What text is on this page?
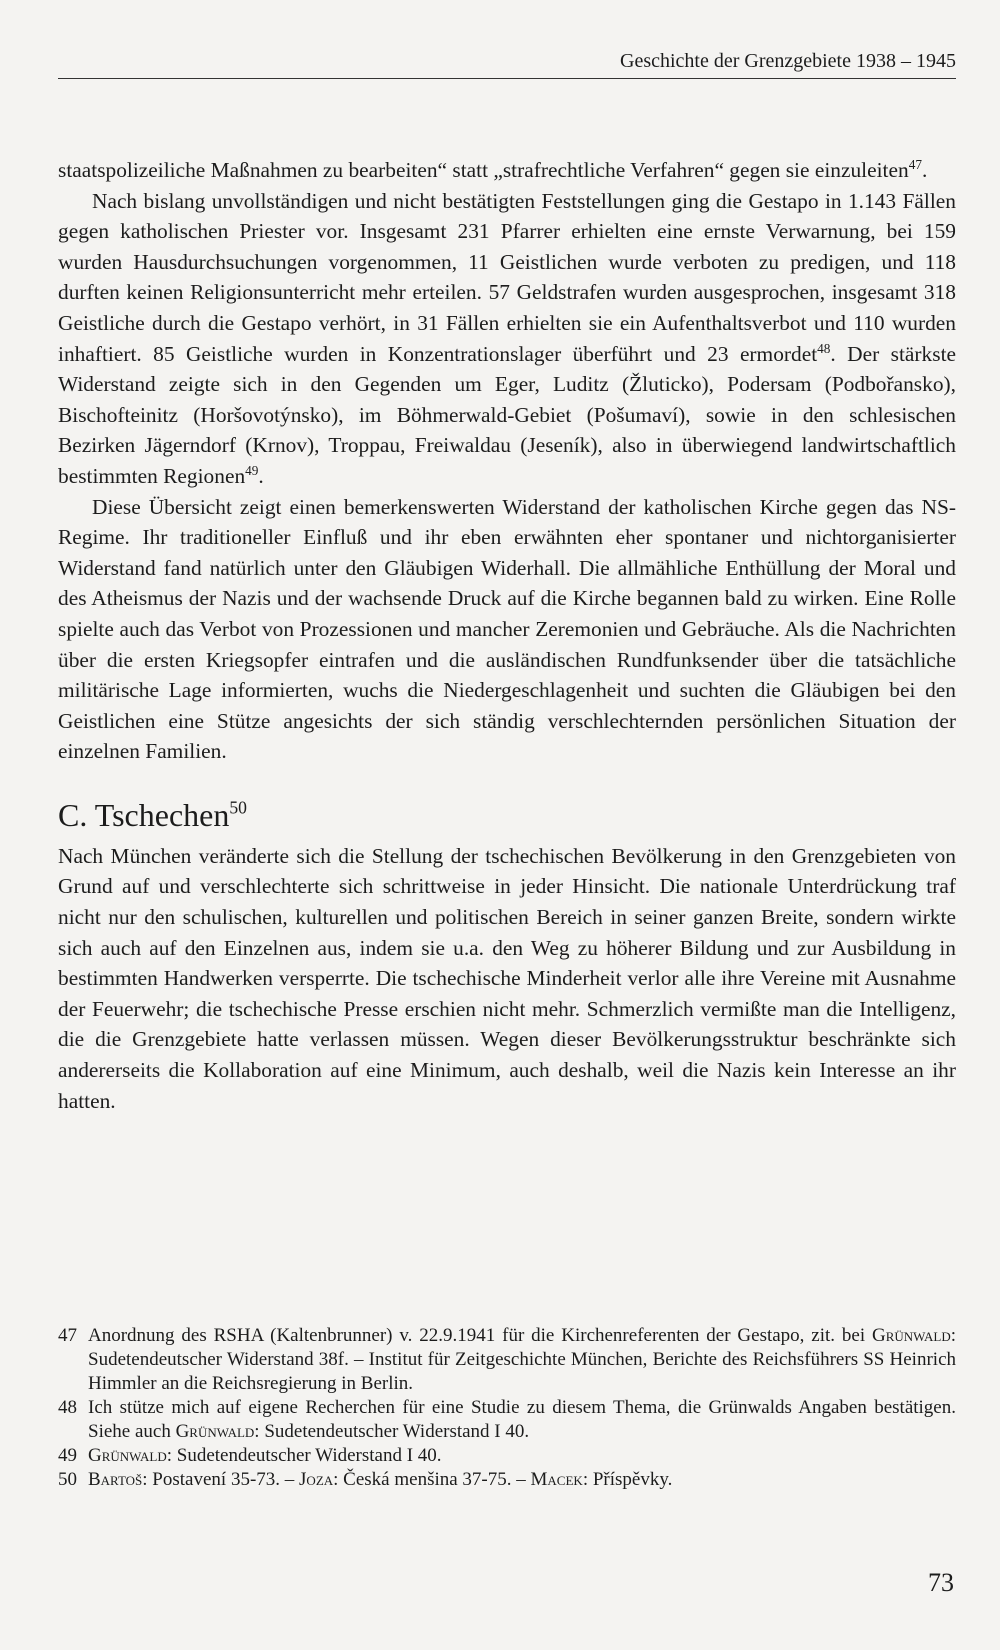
Geschichte der Grenzgebiete 1938 – 1945

staatspolizeiliche Maßnahmen zu bearbeiten“ statt „strafrechtliche Verfahren“ gegen sie einzuleiten$^{47}$.

Nach bislang unvollständigen und nicht bestätigten Feststellungen ging die Gestapo in 1.143 Fällen gegen katholischen Priester vor. Insgesamt 231 Pfarrer erhielten eine ernste Verwarnung, bei 159 wurden Hausdurchsuchungen vorgenommen, 11 Geistlichen wurde verboten zu predigen, und 118 durften keinen Religionsunterricht mehr erteilen. 57 Geldstrafen wurden ausgesprochen, insgesamt 318 Geistliche durch die Gestapo verhört, in 31 Fällen erhielten sie ein Aufenthaltsverbot und 110 wurden inhaftiert. 85 Geistliche wurden in Konzentrationslager überführt und 23 ermordet$^{48}$. Der stärkste Widerstand zeigte sich in den Gegenden um Eger, Luditz (Žluticko), Podersam (Podbořansko), Bischofteinitz (Horšovotýnsko), im Böhmerwald-Gebiet (Pošumaví), sowie in den schlesischen Bezirken Jägerndorf (Krnov), Troppau, Freiwaldau (Jeseník), also in überwiegend landwirtschaftlich bestimmten Regionen$^{49}$.

Diese Übersicht zeigt einen bemerkenswerten Widerstand der katholischen Kirche gegen das NS-Regime. Ihr traditioneller Einfluß und ihr eben erwähnten eher spontaner und nichtorganisierter Widerstand fand natürlich unter den Gläubigen Widerhall. Die allmähliche Enthüllung der Moral und des Atheismus der Nazis und der wachsende Druck auf die Kirche begannen bald zu wirken. Eine Rolle spielte auch das Verbot von Prozessionen und mancher Zeremonien und Gebräuche. Als die Nachrichten über die ersten Kriegsopfer eintrafen und die ausländischen Rundfunksender über die tatsächliche militärische Lage informierten, wuchs die Niedergeschlagenheit und suchten die Gläubigen bei den Geistlichen eine Stütze angesichts der sich ständig verschlechternden persönlichen Situation der einzelnen Familien.

C. Tschechen$^{50}$

Nach München veränderte sich die Stellung der tschechischen Bevölkerung in den Grenzgebieten von Grund auf und verschlechterte sich schrittweise in jeder Hinsicht. Die nationale Unterdrückung traf nicht nur den schulischen, kulturellen und politischen Bereich in seiner ganzen Breite, sondern wirkte sich auch auf den Einzelnen aus, indem sie u.a. den Weg zu höherer Bildung und zur Ausbildung in bestimmten Handwerken versperrte. Die tschechische Minderheit verlor alle ihre Vereine mit Ausnahme der Feuerwehr; die tschechische Presse erschien nicht mehr. Schmerzlich vermißte man die Intelligenz, die die Grenzgebiete hatte verlassen müssen. Wegen dieser Bevölkerungsstruktur beschränkte sich andererseits die Kollaboration auf eine Minimum, auch deshalb, weil die Nazis kein Interesse an ihr hatten.

47 Anordnung des RSHA (Kaltenbrunner) v. 22.9.1941 für die Kirchenreferenten der Gestapo, zit. bei Grünwald: Sudetendeutscher Widerstand 38f. – Institut für Zeitgeschichte München, Berichte des Reichsführers SS Heinrich Himmler an die Reichsregierung in Berlin.
48 Ich stütze mich auf eigene Recherchen für eine Studie zu diesem Thema, die Grünwalds Angaben bestätigen. Siehe auch Grünwald: Sudetendeutscher Widerstand I 40.
49 Grünwald: Sudetendeutscher Widerstand I 40.
50 Bartoš: Postavení 35-73. – Joza: Česká menšina 37-75. – Macek: Příspěvky.
73
